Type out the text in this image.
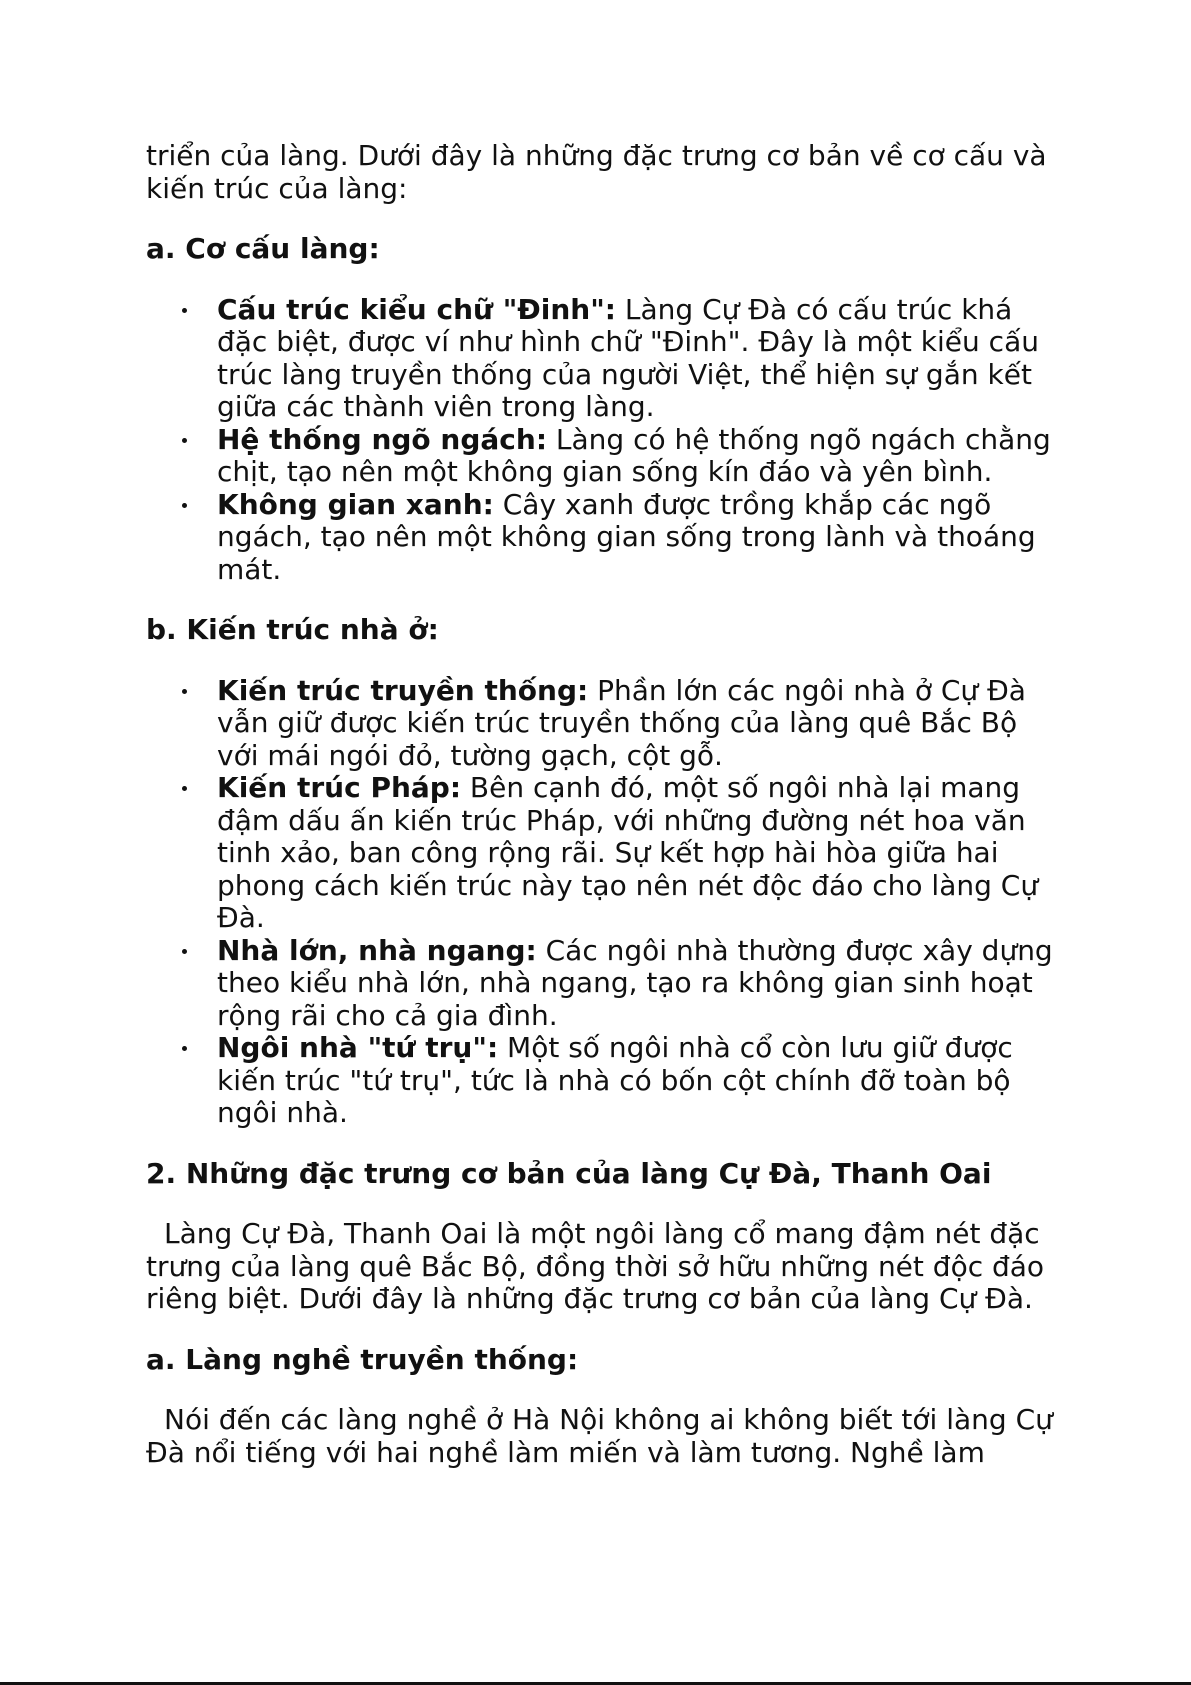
triển của làng. Dưới đây là những đặc trưng cơ bản về cơ cấu và kiến trúc của làng:

a. Cơ cấu làng:
Cấu trúc kiểu chữ "Đinh": Làng Cự Đà có cấu trúc khá đặc biệt, được ví như hình chữ "Đinh". Đây là một kiểu cấu trúc làng truyền thống của người Việt, thể hiện sự gắn kết giữa các thành viên trong làng.
Hệ thống ngõ ngách: Làng có hệ thống ngõ ngách chằng chịt, tạo nên một không gian sống kín đáo và yên bình.
Không gian xanh: Cây xanh được trồng khắp các ngõ ngách, tạo nên một không gian sống trong lành và thoáng mát.
b. Kiến trúc nhà ở:
Kiến trúc truyền thống: Phần lớn các ngôi nhà ở Cự Đà vẫn giữ được kiến trúc truyền thống của làng quê Bắc Bộ với mái ngói đỏ, tường gạch, cột gỗ.
Kiến trúc Pháp: Bên cạnh đó, một số ngôi nhà lại mang đậm dấu ấn kiến trúc Pháp, với những đường nét hoa văn tinh xảo, ban công rộng rãi. Sự kết hợp hài hòa giữa hai phong cách kiến trúc này tạo nên nét độc đáo cho làng Cự Đà.
Nhà lớn, nhà ngang: Các ngôi nhà thường được xây dựng theo kiểu nhà lớn, nhà ngang, tạo ra không gian sinh hoạt rộng rãi cho cả gia đình.
Ngôi nhà "tứ trụ": Một số ngôi nhà cổ còn lưu giữ được kiến trúc "tứ trụ", tức là nhà có bốn cột chính đỡ toàn bộ ngôi nhà.
2. Những đặc trưng cơ bản của làng Cự Đà, Thanh Oai

Làng Cự Đà, Thanh Oai là một ngôi làng cổ mang đậm nét đặc trưng của làng quê Bắc Bộ, đồng thời sở hữu những nét độc đáo riêng biệt. Dưới đây là những đặc trưng cơ bản của làng Cự Đà.

a. Làng nghề truyền thống:

Nói đến các làng nghề ở Hà Nội không ai không biết tới làng Cự Đà nổi tiếng với hai nghề làm miến và làm tương. Nghề làm
